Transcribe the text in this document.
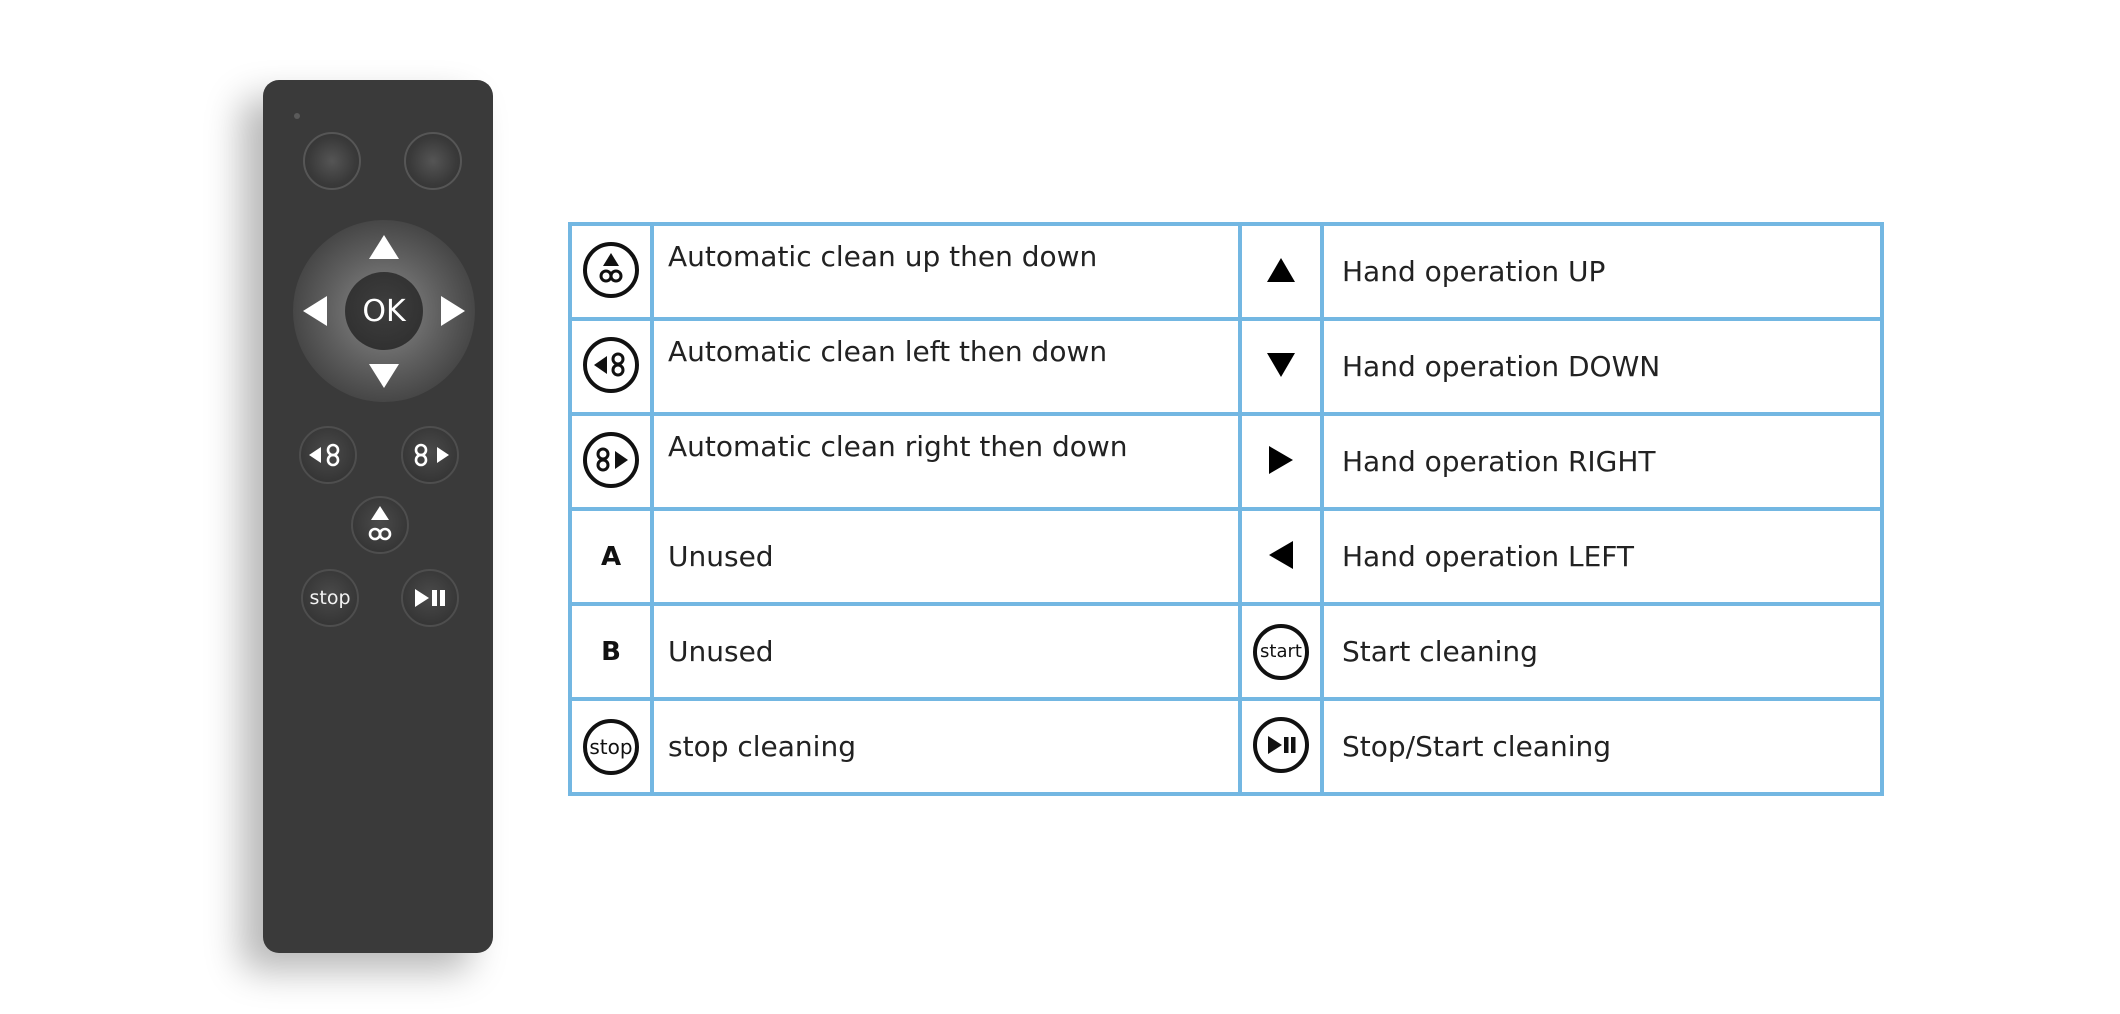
OK
stop
	Automatic clean up then down		Hand operation UP
	Automatic clean left then down		Hand operation DOWN
	Automatic clean right then down		Hand operation RIGHT
A	Unused		Hand operation LEFT
B	Unused	start	Start cleaning
stop	stop cleaning		Stop/Start cleaning
